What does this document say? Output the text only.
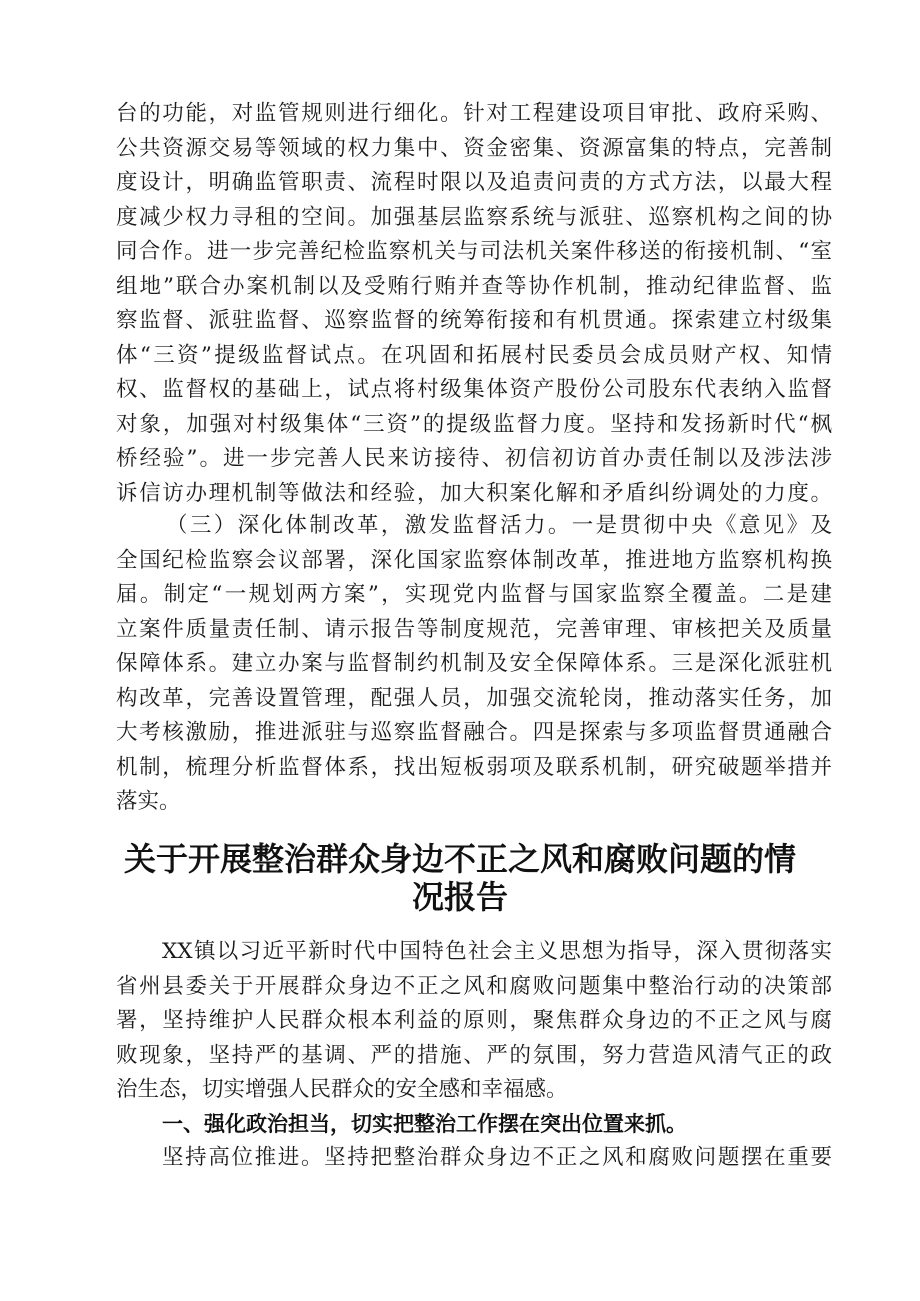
台的功能，对监管规则进行细化。针对工程建设项目审批、政府采购、
公共资源交易等领域的权力集中、资金密集、资源富集的特点，完善制
度设计，明确监管职责、流程时限以及追责问责的方式方法，以最大程
度减少权力寻租的空间。加强基层监察系统与派驻、巡察机构之间的协
同合作。进一步完善纪检监察机关与司法机关案件移送的衔接机制、“室
组地”联合办案机制以及受贿行贿并查等协作机制，推动纪律监督、监
察监督、派驻监督、巡察监督的统筹衔接和有机贯通。探索建立村级集
体“三资”提级监督试点。在巩固和拓展村民委员会成员财产权、知情
权、监督权的基础上，试点将村级集体资产股份公司股东代表纳入监督
对象，加强对村级集体“三资”的提级监督力度。坚持和发扬新时代“枫
桥经验”。进一步完善人民来访接待、初信初访首办责任制以及涉法涉
诉信访办理机制等做法和经验，加大积案化解和矛盾纠纷调处的力度。
（三）深化体制改革，激发监督活力。一是贯彻中央《意见》及
全国纪检监察会议部署，深化国家监察体制改革，推进地方监察机构换
届。制定“一规划两方案”，实现党内监督与国家监察全覆盖。二是建
立案件质量责任制、请示报告等制度规范，完善审理、审核把关及质量
保障体系。建立办案与监督制约机制及安全保障体系。三是深化派驻机
构改革，完善设置管理，配强人员，加强交流轮岗，推动落实任务，加
大考核激励，推进派驻与巡察监督融合。四是探索与多项监督贯通融合
机制，梳理分析监督体系，找出短板弱项及联系机制，研究破题举措并
落实。
关于开展整治群众身边不正之风和腐败问题的情
况报告
XX镇以习近平新时代中国特色社会主义思想为指导，深入贯彻落实
省州县委关于开展群众身边不正之风和腐败问题集中整治行动的决策部
署，坚持维护人民群众根本利益的原则，聚焦群众身边的不正之风与腐
败现象，坚持严的基调、严的措施、严的氛围，努力营造风清气正的政
治生态，切实增强人民群众的安全感和幸福感。
一、强化政治担当，切实把整治工作摆在突出位置来抓。
坚持高位推进。坚持把整治群众身边不正之风和腐败问题摆在重要
